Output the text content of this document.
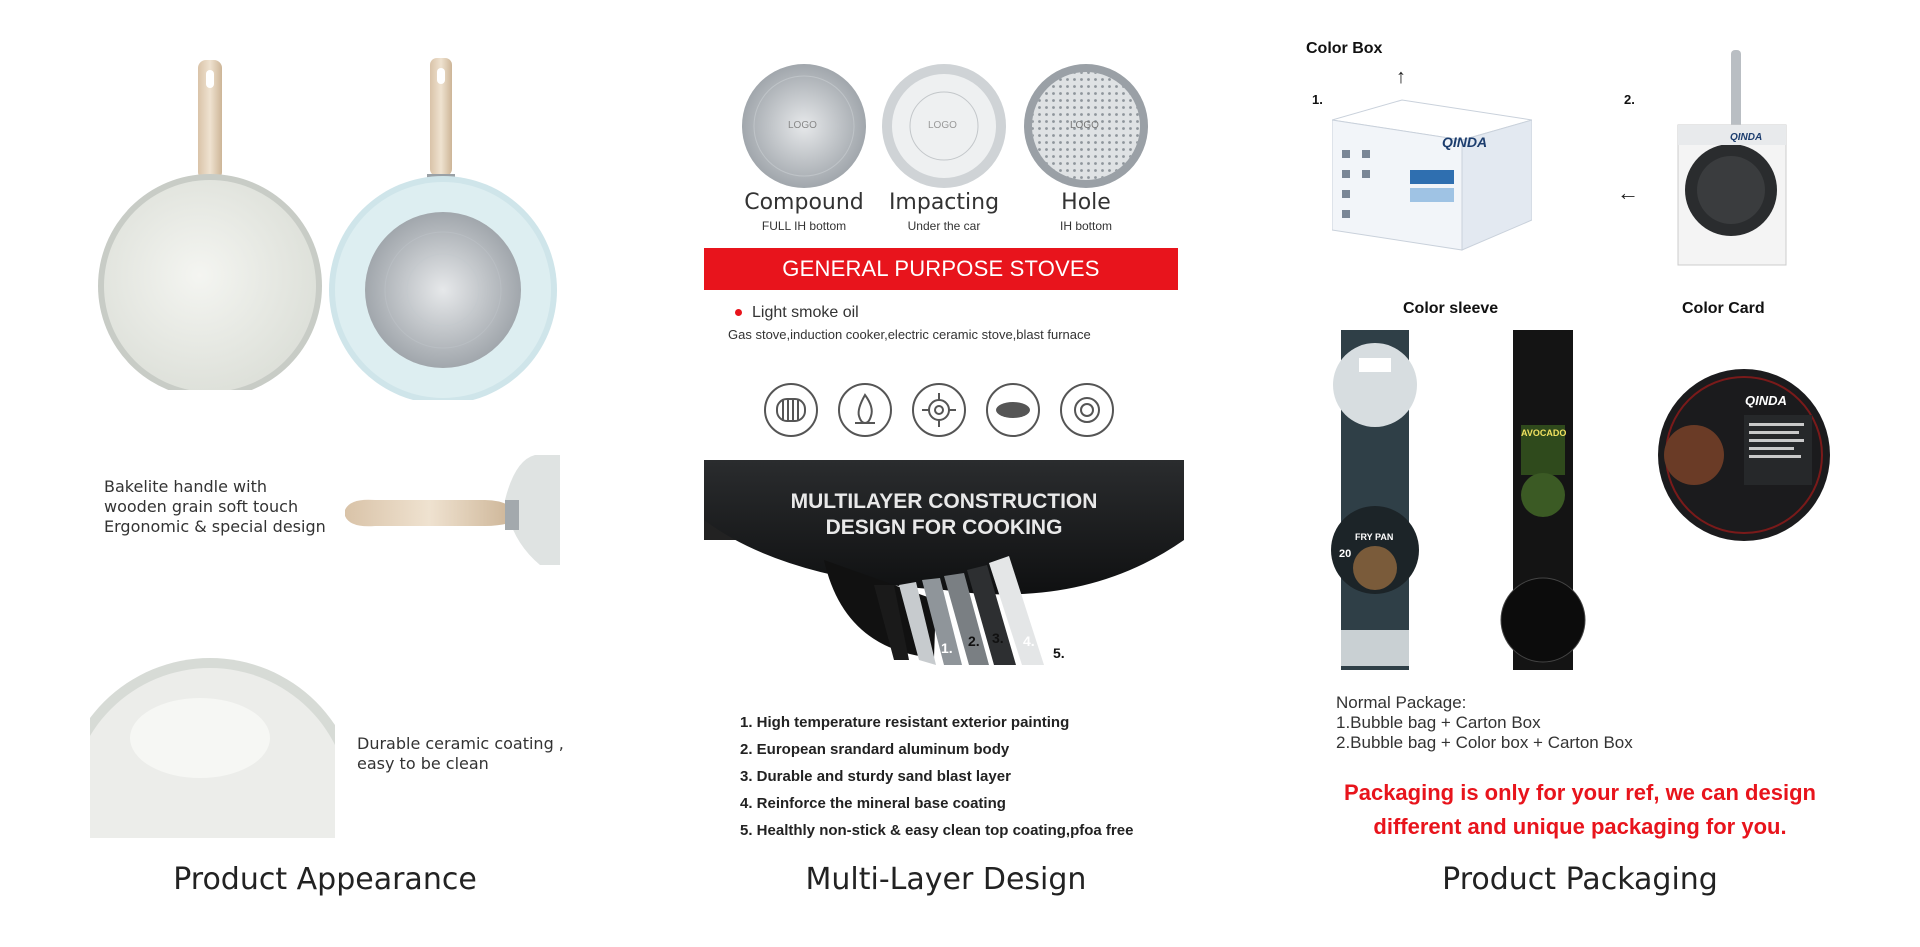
Bakelite handle with
wooden grain soft touch
Ergonomic & special design
Durable ceramic coating ,
easy to be clean
Product Appearance
LOGO	LOGO	LOGO
Compound	Impacting	Hole
FULL IH bottom	Under the car	IH bottom
GENERAL PURPOSE STOVES
Light smoke oil
Gas stove,induction cooker,electric ceramic stove,blast furnace
MULTILAYER CONSTRUCTION
DESIGN FOR COOKING
1. 2. 3. 4.
5.
1. High temperature resistant exterior painting
2. European srandard aluminum body
3. Durable and sturdy sand blast layer
4. Reinforce the mineral base coating
5. Healthly non-stick & easy clean top coating,pfoa free
Multi-Layer Design
Color Box
↑
1.	2.
QINDA
←
QINDA
Color sleeve	Color Card
FRY PAN
20
AVOCADO
QINDA
Normal Package:
1.Bubble bag + Carton Box
2.Bubble bag + Color box + Carton Box
Packaging is only for your ref, we can design
different and unique packaging for you.
Product Packaging
